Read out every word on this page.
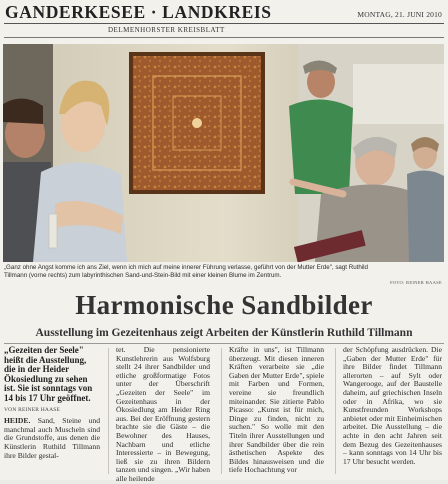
GANDERKESEE · LANDKREIS	MONTAG, 21. JUNI 2010
DELMENHORSTER KREISBLATT
„Ganz ohne Angst komme ich ans Ziel, wenn ich mich auf meine innerer Führung verlasse, geführt von der Mutter Erde", sagt Ruthild Tillmann (vorne rechts) zum labyrinthischen Sand-und-Stein-Bild mit einer kleinen Blume im Zentrum.
FOTO: REINER HAASE
Harmonische Sandbilder
Ausstellung im Gezeitenhaus zeigt Arbeiten der Künstlerin Ruthild Tillmann
„Gezeiten der Seele" heißt die Ausstellung, die in der Heider Ökosiedlung zu sehen ist. Sie ist sonntags von 14 bis 17 Uhr geöffnet.
VON REINER HAASE
HEIDE. Sand, Steine und manchmal auch Muscheln sind die Grundstoffe, aus denen die Künstlerin Ruthild Tillmann ihre Bilder gestal-
tet. Die pensionierte Kunstlehrerin aus Wolfsburg stellt 24 ihrer Sandbilder und etliche großformatige Fotos unter der Überschrift „Gezeiten der Seele" im Gezeitenhaus in der Ökosiedlung am Heider Ring aus. Bei der Eröffnung gestern brachte sie die Gäste – die Bewohner des Hauses, Nachbarn und etliche Interessierte – in Bewegung, ließ sie zu ihren Bildern tanzen und singen. „Wir haben alle heilende
Kräfte in uns", ist Tillmann überzeugt. Mit diesen inneren Kräften verarbeite sie „die Gaben der Mutter Erde", spiele mit Farben und Formen, vereine sie freundlich miteinander. Sie zitierte Pablo Picasso: „Kunst ist für mich, Dinge zu finden, nicht zu suchen." So wolle mit den Titeln ihrer Ausstellungen und ihrer Sandbilder über die rein ästhetischen Aspekte des Bildes hinausweisen und die tiefe Hochachtung vor
der Schöpfung ausdrücken. Die „Gaben der Mutter Erde" für ihre Bilder findet Tillmann allerorten – auf Sylt oder Wangerooge, auf der Baustelle daheim, auf griechischen Inseln oder in Afrika, wo sie Kunstfreunden Workshops anbietet oder mit Einheimischen arbeitet. Die Ausstellung – die achte in den acht Jahren seit dem Bezug des Gezeitenhauses – kann sonntags von 14 Uhr bis 17 Uhr besucht werden.
